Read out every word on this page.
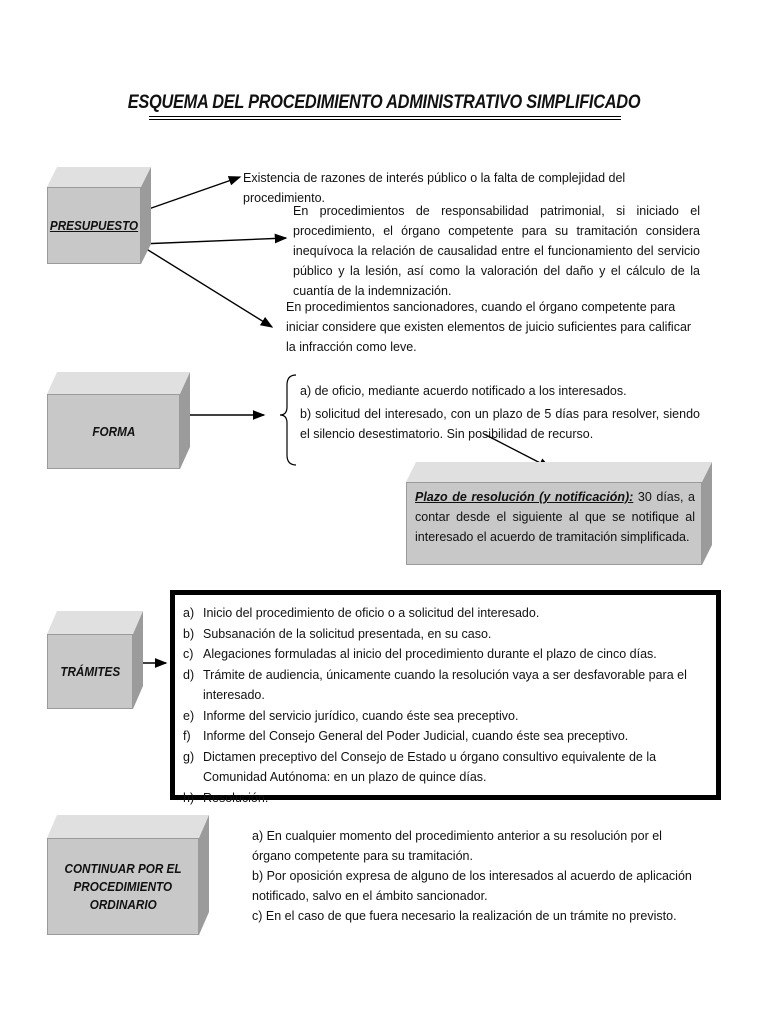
ESQUEMA DEL PROCEDIMIENTO ADMINISTRATIVO SIMPLIFICADO
PRESUPUESTO
Existencia de razones de interés público o la falta de complejidad del procedimiento.
En procedimientos de responsabilidad patrimonial, si iniciado el procedimiento, el órgano competente para su tramitación considera inequívoca la relación de causalidad entre el funcionamiento del servicio público y la lesión, así como la valoración del daño y el cálculo de la cuantía de la indemnización.
En procedimientos sancionadores, cuando el órgano competente para iniciar considere que existen elementos de juicio suficientes para calificar la infracción como leve.
FORMA
a) de oficio, mediante acuerdo notificado a los interesados.
b) solicitud del interesado, con un plazo de 5 días para resolver, siendo el silencio desestimatorio. Sin posibilidad de recurso.
Plazo de resolución (y notificación): 30 días, a contar desde el siguiente al que se notifique al interesado el acuerdo de tramitación simplificada.
TRÁMITES
a) Inicio del procedimiento de oficio o a solicitud del interesado.
b) Subsanación de la solicitud presentada, en su caso.
c) Alegaciones formuladas al inicio del procedimiento durante el plazo de cinco días.
d) Trámite de audiencia, únicamente cuando la resolución vaya a ser desfavorable para el interesado.
e) Informe del servicio jurídico, cuando éste sea preceptivo.
f) Informe del Consejo General del Poder Judicial, cuando éste sea preceptivo.
g) Dictamen preceptivo del Consejo de Estado u órgano consultivo equivalente de la Comunidad Autónoma: en un plazo de quince días.
h) Resolución.
CONTINUAR POR EL
PROCEDIMIENTO
ORDINARIO
a) En cualquier momento del procedimiento anterior a su resolución por el órgano competente para su tramitación.
b) Por oposición expresa de alguno de los interesados al acuerdo de aplicación notificado, salvo en el ámbito sancionador.
c) En el caso de que fuera necesario la realización de un trámite no previsto.
